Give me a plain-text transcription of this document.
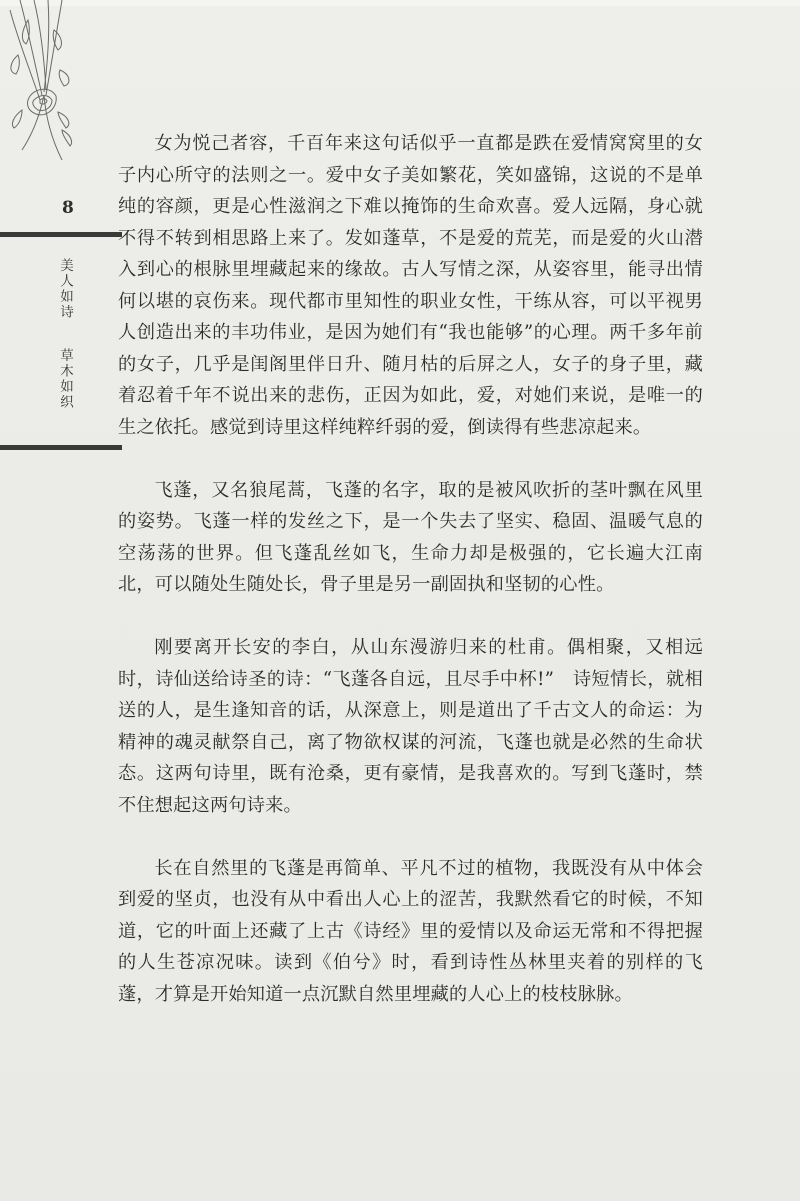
8
美人如诗
草木如织

女为悦己者容，千百年来这句话似乎一直都是跌在爱情窝窝里的女子内心所守的法则之一。爱中女子美如繁花，笑如盛锦，这说的不是单纯的容颜，更是心性滋润之下难以掩饰的生命欢喜。爱人远隔，身心就不得不转到相思路上来了。发如蓬草，不是爱的荒芜，而是爱的火山潜入到心的根脉里埋藏起来的缘故。古人写情之深，从姿容里，能寻出情何以堪的哀伤来。现代都市里知性的职业女性，干练从容，可以平视男人创造出来的丰功伟业，是因为她们有“我也能够”的心理。两千多年前的女子，几乎是闺阁里伴日升、随月枯的后屏之人，女子的身子里，藏着忍着千年不说出来的悲伤，正因为如此，爱，对她们来说，是唯一的生之依托。感觉到诗里这样纯粹纤弱的爱，倒读得有些悲凉起来。

飞蓬，又名狼尾蒿，飞蓬的名字，取的是被风吹折的茎叶飘在风里的姿势。飞蓬一样的发丝之下，是一个失去了坚实、稳固、温暖气息的空荡荡的世界。但飞蓬乱丝如飞，生命力却是极强的，它长遍大江南北，可以随处生随处长，骨子里是另一副固执和坚韧的心性。

刚要离开长安的李白，从山东漫游归来的杜甫。偶相聚，又相远时，诗仙送给诗圣的诗：“飞蓬各自远，且尽手中杯!”　诗短情长，就相送的人，是生逢知音的话，从深意上，则是道出了千古文人的命运：为精神的魂灵献祭自己，离了物欲权谋的河流，飞蓬也就是必然的生命状态。这两句诗里，既有沧桑，更有豪情，是我喜欢的。写到飞蓬时，禁不住想起这两句诗来。

长在自然里的飞蓬是再简单、平凡不过的植物，我既没有从中体会到爱的坚贞，也没有从中看出人心上的涩苦，我默然看它的时候，不知道，它的叶面上还藏了上古《诗经》里的爱情以及命运无常和不得把握的人生苍凉况味。读到《伯兮》时，看到诗性丛林里夹着的别样的飞蓬，才算是开始知道一点沉默自然里埋藏的人心上的枝枝脉脉。
